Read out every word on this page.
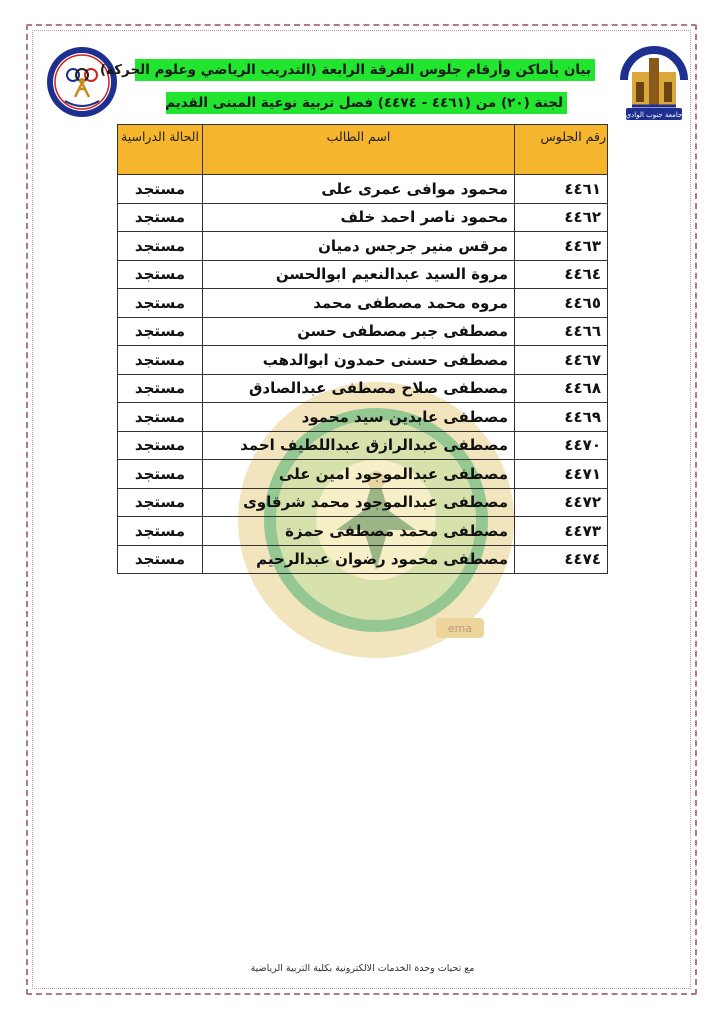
جامعة جنوب الوادي
بيان بأماكن وأرقام جلوس الفرقة الرابعة (التدريب الرياضي وعلوم الحركة)
لجنة (٢٠) من (٤٤٦١ - ٤٤٧٤) فصل تربية نوعية المبنى القديم
ema
رقم الجلوس	اسم الطالب	الحالة الدراسية
٤٤٦١	محمود موافى عمرى على	مستجد
٤٤٦٢	محمود ناصر احمد خلف	مستجد
٤٤٦٣	مرقس منير جرجس دميان	مستجد
٤٤٦٤	مروة السيد عبدالنعيم ابوالحسن	مستجد
٤٤٦٥	مروه محمد مصطفى محمد	مستجد
٤٤٦٦	مصطفى جبر مصطفى حسن	مستجد
٤٤٦٧	مصطفى حسنى حمدون ابوالدهب	مستجد
٤٤٦٨	مصطفى صلاح مصطفى عبدالصادق	مستجد
٤٤٦٩	مصطفى عابدين سيد محمود	مستجد
٤٤٧٠	مصطفى عبدالرازق عبداللطيف احمد	مستجد
٤٤٧١	مصطفى عبدالموجود امين على	مستجد
٤٤٧٢	مصطفى عبدالموجود محمد شرقاوى	مستجد
٤٤٧٣	مصطفى محمد مصطفى حمزة	مستجد
٤٤٧٤	مصطفى محمود رضوان عبدالرحيم	مستجد
مع تحيات وحدة الخدمات الالكترونية بكلية التربية الرياضية
